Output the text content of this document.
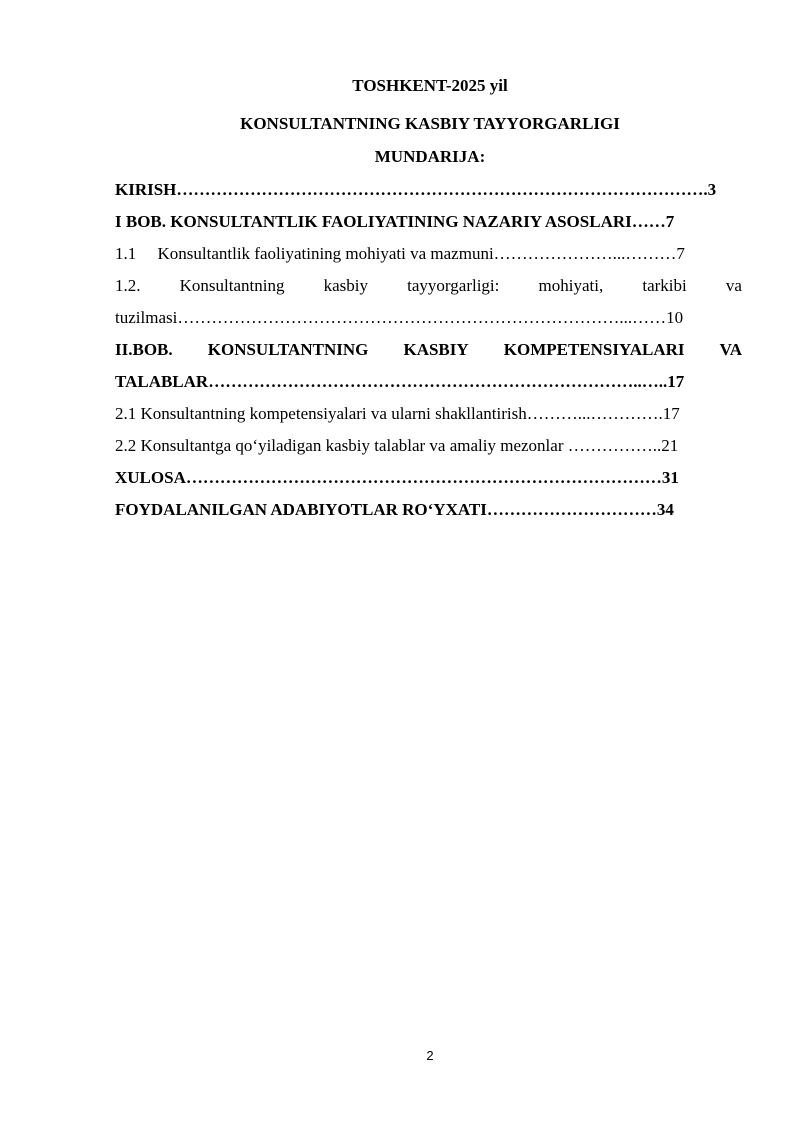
TOSHKENT-2025 yil
KONSULTANTNING KASBIY TAYYORGARLIGI
MUNDARIJA:
KIRISH………………………………………………………………………………….3
I BOB. KONSULTANTLIK FAOLIYATINING NAZARIY ASOSLARI……7
1.1     Konsultantlik faoliyatining mohiyati va mazmuni…………………...………7
1.2. Konsultantning kasbiy tayyorgarligi: mohiyati, tarkibi va
tuzilmasi……………………………………………………………………...……10
II.BOB. KONSULTANTNING KASBIY KOMPETENSIYALARI VA
TALABLAR…………………………………………………………………..…..17
2.1 Konsultantning kompetensiyalari va ularni shakllantirish………...………….17
2.2 Konsultantga qo‘yiladigan kasbiy talablar va amaliy mezonlar ……………..21
XULOSA…………………………………………………………………………31
FOYDALANILGAN ADABIYOTLAR RO‘YXATI…………………………34
2
